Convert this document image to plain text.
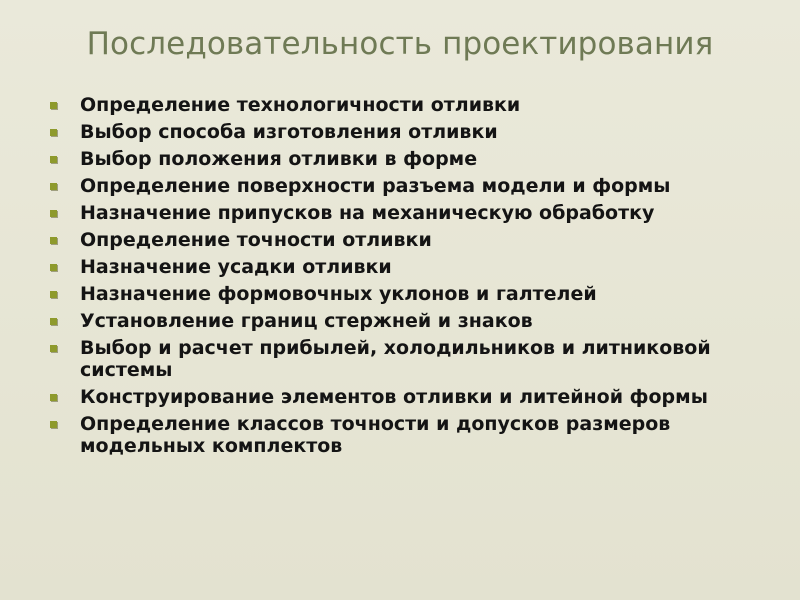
Последовательность проектирования
Определение технологичности отливки
Выбор способа изготовления отливки
Выбор положения отливки в форме
Определение поверхности разъема модели и формы
Назначение припусков на механическую обработку
Определение точности отливки
Назначение усадки отливки
Назначение формовочных уклонов и галтелей
Установление границ стержней и знаков
Выбор и расчет прибылей, холодильников и литниковой системы
Конструирование элементов отливки и литейной формы
Определение классов точности и допусков размеров модельных комплектов
